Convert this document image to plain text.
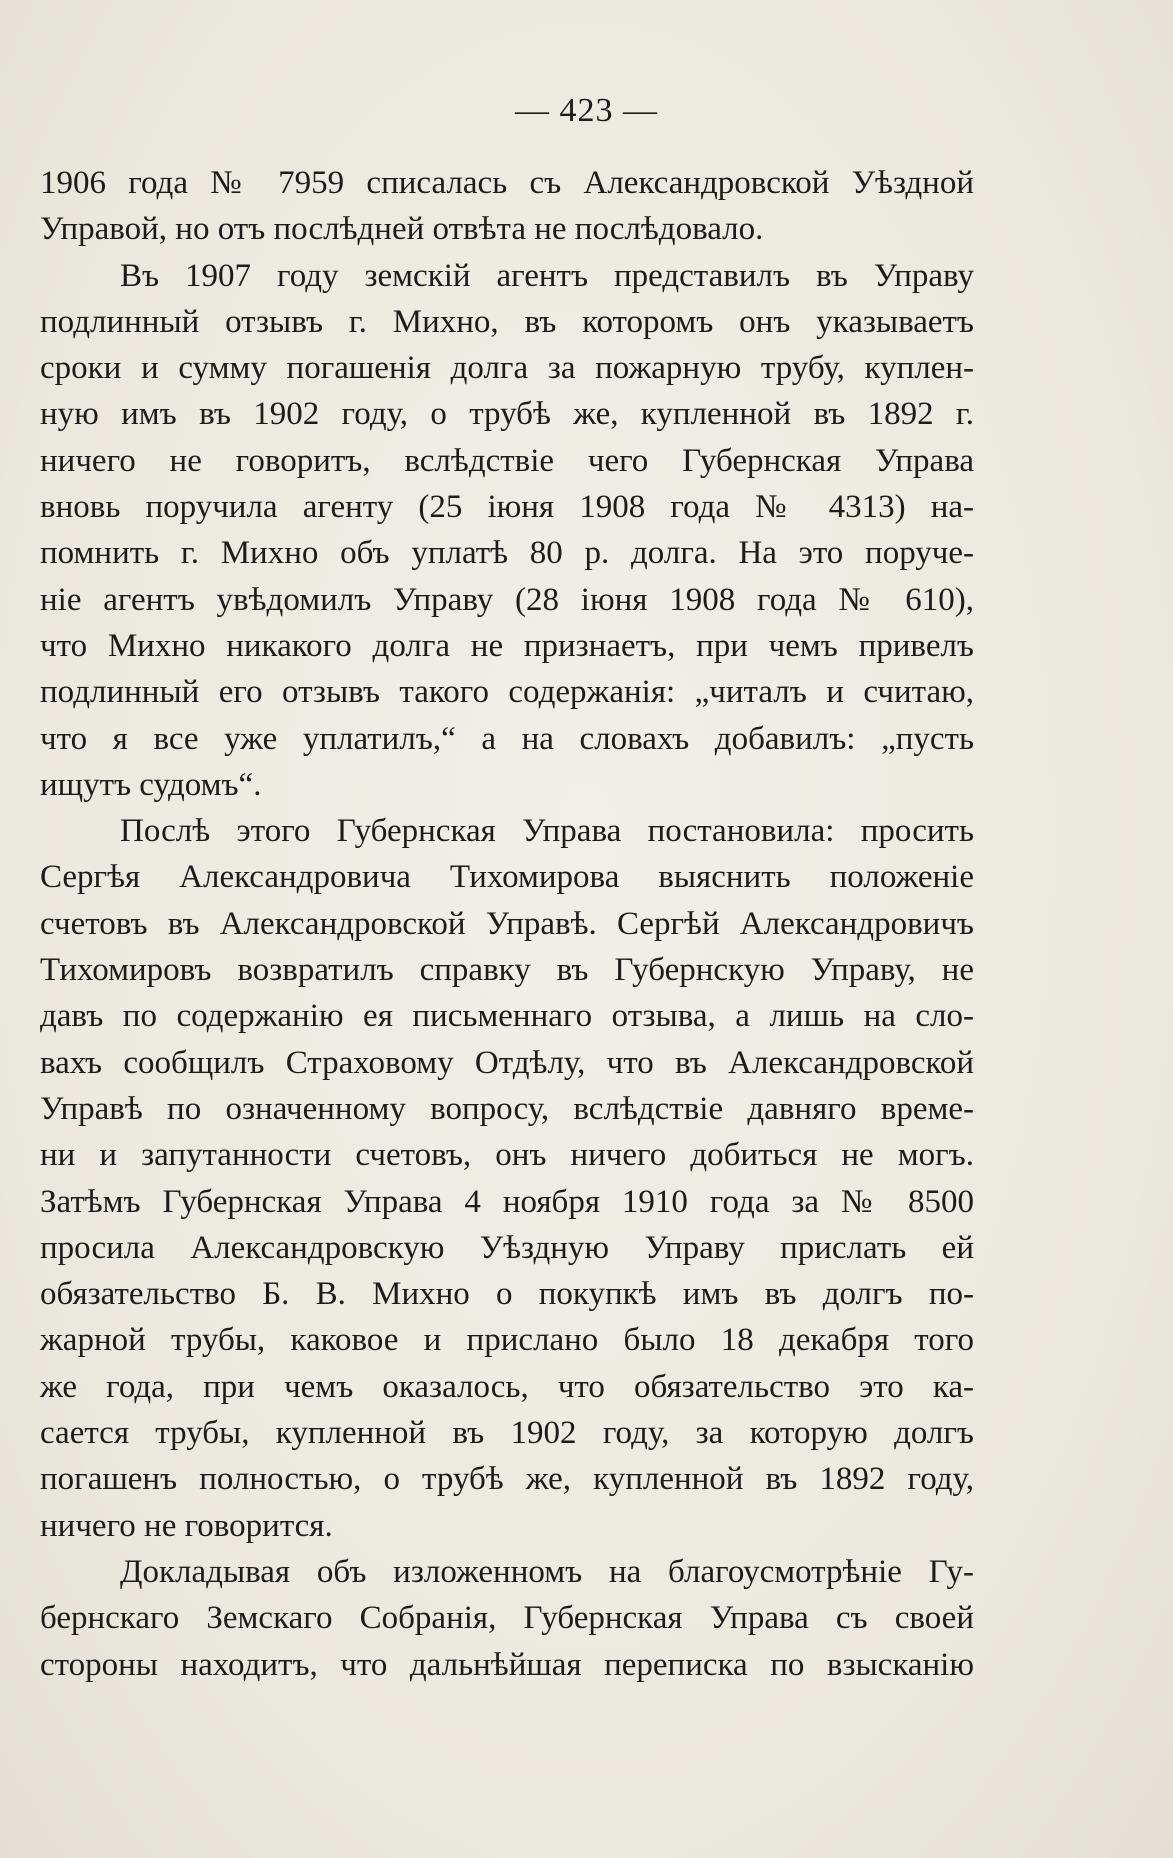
— 423 —
1906 года № 7959 списалась съ Александровской Уѣздной
Управой, но отъ послѣдней отвѣта не послѣдовало.
Въ 1907 году земскій агентъ представилъ въ Управу
подлинный отзывъ г. Михно, въ которомъ онъ указываетъ
сроки и сумму погашенія долга за пожарную трубу, куплен-
ную имъ въ 1902 году, о трубѣ же, купленной въ 1892 г.
ничего не говоритъ, вслѣдствіе чего Губернская Управа
вновь поручила агенту (25 іюня 1908 года № 4313) на-
помнить г. Михно объ уплатѣ 80 р. долга. На это поруче-
ніе агентъ увѣдомилъ Управу (28 іюня 1908 года № 610),
что Михно никакого долга не признаетъ, при чемъ привелъ
подлинный его отзывъ такого содержанія: „читалъ и считаю,
что я все уже уплатилъ,“ а на словахъ добавилъ: „пусть
ищутъ судомъ“.
Послѣ этого Губернская Управа постановила: просить
Сергѣя Александровича Тихомирова выяснить положеніе
счетовъ въ Александровской Управѣ. Сергѣй Александровичъ
Тихомировъ возвратилъ справку въ Губернскую Управу, не
давъ по содержанію ея письменнаго отзыва, а лишь на сло-
вахъ сообщилъ Страховому Отдѣлу, что въ Александровской
Управѣ по означенному вопросу, вслѣдствіе давняго време-
ни и запутанности счетовъ, онъ ничего добиться не могъ.
Затѣмъ Губернская Управа 4 ноября 1910 года за № 8500
просила Александровскую Уѣздную Управу прислать ей
обязательство Б. В. Михно о покупкѣ имъ въ долгъ по-
жарной трубы, каковое и прислано было 18 декабря того
же года, при чемъ оказалось, что обязательство это ка-
сается трубы, купленной въ 1902 году, за которую долгъ
погашенъ полностью, о трубѣ же, купленной въ 1892 году,
ничего не говорится.
Докладывая объ изложенномъ на благоусмотрѣніе Гу-
бернскаго Земскаго Собранія, Губернская Управа съ своей
стороны находитъ, что дальнѣйшая переписка по взысканію
